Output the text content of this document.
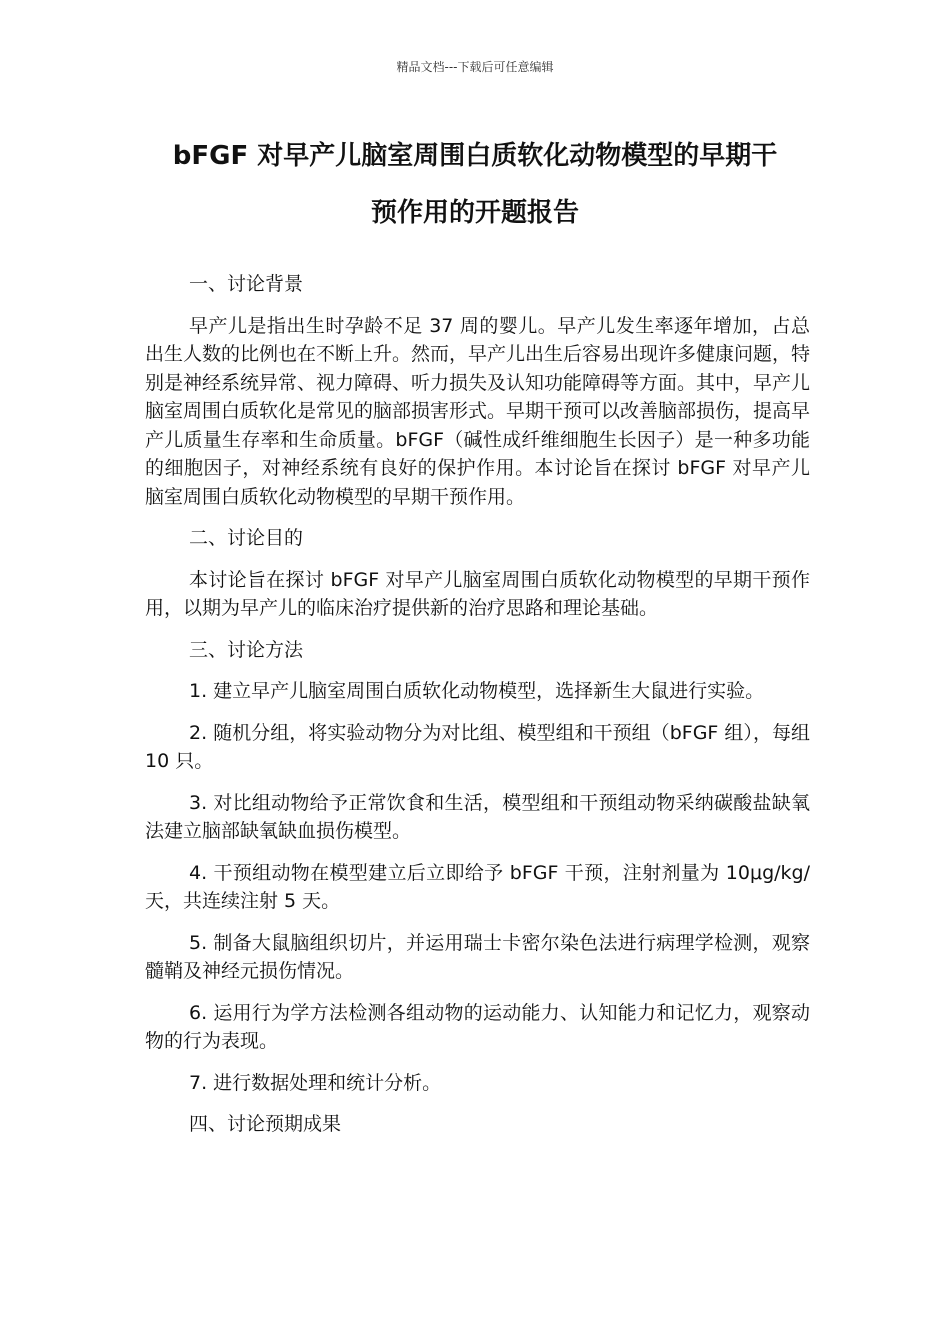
精品文档---下载后可任意编辑
bFGF 对早产儿脑室周围白质软化动物模型的早期干
预作用的开题报告

一、讨论背景

早产儿是指出生时孕龄不足 37 周的婴儿。早产儿发生率逐年增加，占总出生人数的比例也在不断上升。然而，早产儿出生后容易出现许多健康问题，特别是神经系统异常、视力障碍、听力损失及认知功能障碍等方面。其中，早产儿脑室周围白质软化是常见的脑部损害形式。早期干预可以改善脑部损伤，提高早产儿质量生存率和生命质量。bFGF（碱性成纤维细胞生长因子）是一种多功能的细胞因子，对神经系统有良好的保护作用。本讨论旨在探讨 bFGF 对早产儿脑室周围白质软化动物模型的早期干预作用。

二、讨论目的

本讨论旨在探讨 bFGF 对早产儿脑室周围白质软化动物模型的早期干预作用，以期为早产儿的临床治疗提供新的治疗思路和理论基础。

三、讨论方法

1. 建立早产儿脑室周围白质软化动物模型，选择新生大鼠进行实验。

2. 随机分组，将实验动物分为对比组、模型组和干预组（bFGF 组），每组 10 只。

3. 对比组动物给予正常饮食和生活，模型组和干预组动物采纳碳酸盐缺氧法建立脑部缺氧缺血损伤模型。

4. 干预组动物在模型建立后立即给予 bFGF 干预，注射剂量为 10μg/kg/天，共连续注射 5 天。

5. 制备大鼠脑组织切片，并运用瑞士卡密尔染色法进行病理学检测，观察髓鞘及神经元损伤情况。

6. 运用行为学方法检测各组动物的运动能力、认知能力和记忆力，观察动物的行为表现。

7. 进行数据处理和统计分析。

四、讨论预期成果
